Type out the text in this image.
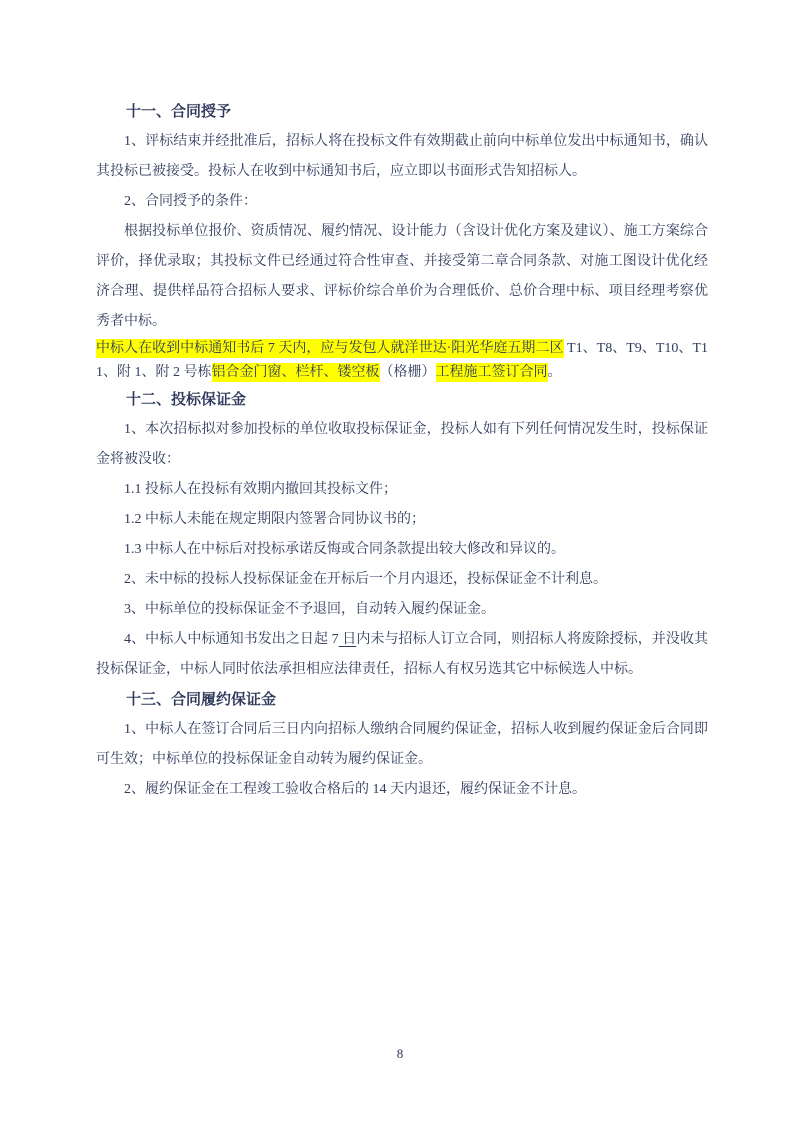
十一、合同授予

1、评标结束并经批准后，招标人将在投标文件有效期截止前向中标单位发出中标通知书，确认其投标已被接受。投标人在收到中标通知书后，应立即以书面形式告知招标人。

2、合同授予的条件：

根据投标单位报价、资质情况、履约情况、设计能力（含设计优化方案及建议）、施工方案综合评价，择优录取；其投标文件已经通过符合性审查、并接受第二章合同条款、对施工图设计优化经济合理、提供样品符合招标人要求、评标价综合单价为合理低价、总价合理中标、项目经理考察优秀者中标。

中标人在收到中标通知书后 7 天内，应与发包人就洋世达·阳光华庭五期二区 T1、T8、T9、T10、T11、附 1、附 2 号栋铝合金门窗、栏杆、镂空板（格栅）工程施工签订合同。

十二、投标保证金

1、本次招标拟对参加投标的单位收取投标保证金，投标人如有下列任何情况发生时，投标保证金将被没收：

1.1 投标人在投标有效期内撤回其投标文件；

1.2 中标人未能在规定期限内签署合同协议书的；

1.3 中标人在中标后对投标承诺反悔或合同条款提出较大修改和异议的。

2、未中标的投标人投标保证金在开标后一个月内退还，投标保证金不计利息。

3、中标单位的投标保证金不予退回，自动转入履约保证金。

4、中标人中标通知书发出之日起 7 日内未与招标人订立合同，则招标人将废除授标，并没收其投标保证金，中标人同时依法承担相应法律责任，招标人有权另选其它中标候选人中标。

十三、合同履约保证金

1、中标人在签订合同后三日内向招标人缴纳合同履约保证金，招标人收到履约保证金后合同即可生效；中标单位的投标保证金自动转为履约保证金。

2、履约保证金在工程竣工验收合格后的 14 天内退还，履约保证金不计息。

8
